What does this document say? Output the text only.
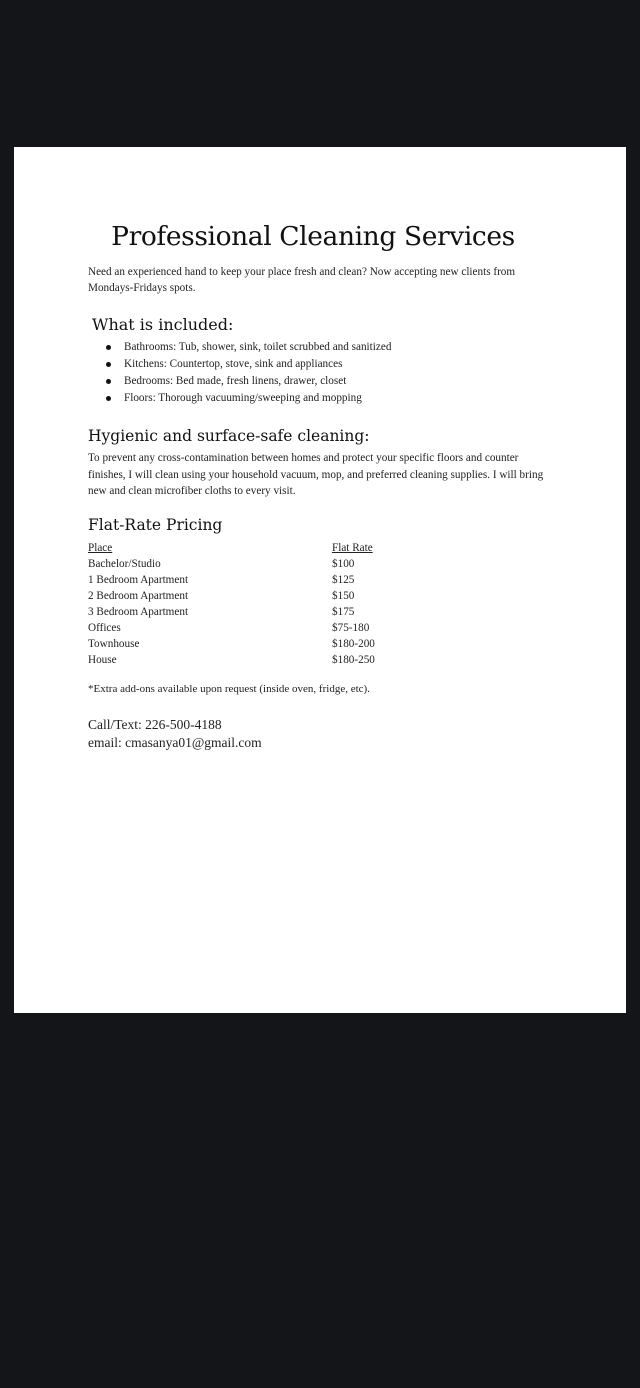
Professional Cleaning Services
Need an experienced hand to keep your place fresh and clean? Now accepting new clients from Mondays-Fridays spots.
What is included:
Bathrooms: Tub, shower, sink, toilet scrubbed and sanitized
Kitchens: Countertop, stove, sink and appliances
Bedrooms: Bed made, fresh linens, drawer, closet
Floors: Thorough vacuuming/sweeping and mopping
Hygienic and surface-safe cleaning:
To prevent any cross-contamination between homes and protect your specific floors and counter finishes, I will clean using your household vacuum, mop, and preferred cleaning supplies. I will bring new and clean microfiber cloths to every visit.
Flat-Rate Pricing
Place	Flat Rate
Bachelor/Studio	$100
1 Bedroom Apartment	$125
2 Bedroom Apartment	$150
3 Bedroom Apartment	$175
Offices	$75-180
Townhouse	$180-200
House	$180-250
*Extra add-ons available upon request (inside oven, fridge, etc).
Call/Text: 226-500-4188
email: cmasanya01@gmail.com
